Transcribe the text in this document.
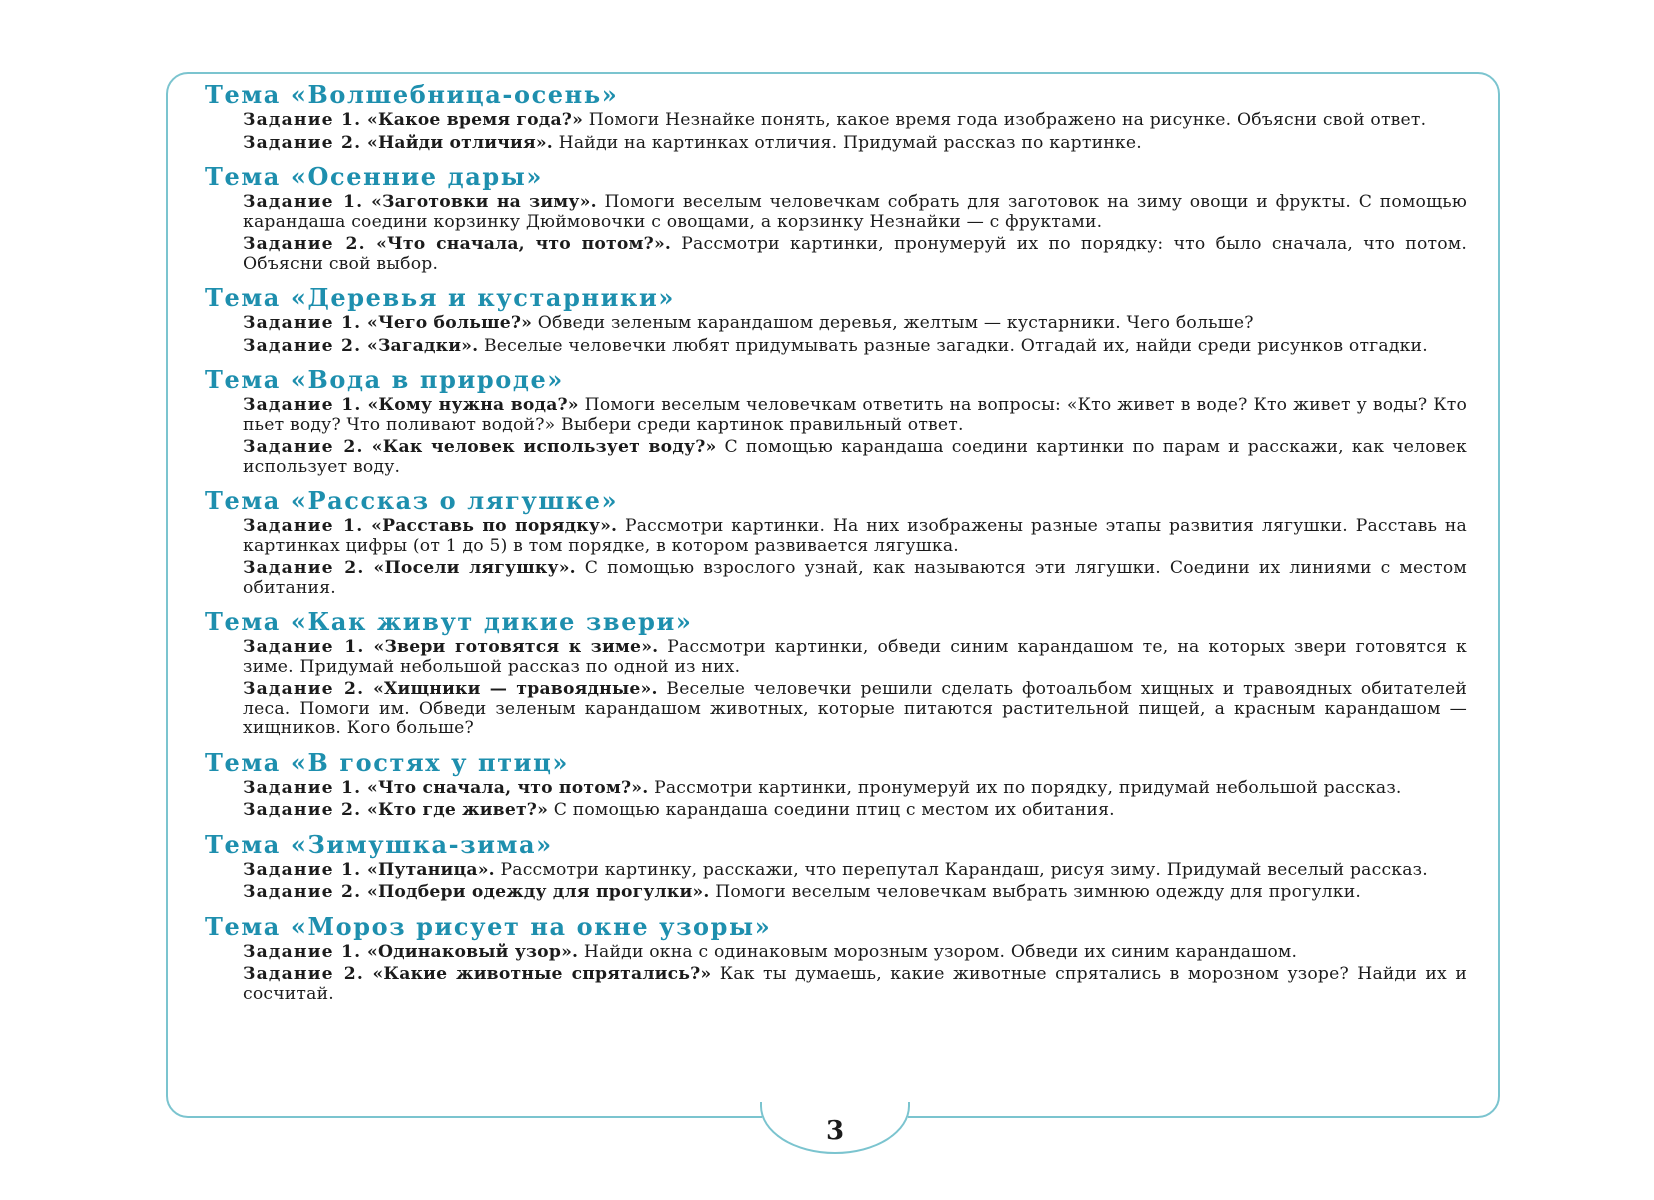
Тема «Волшебница-осень»

Задание 1. «Какое время года?» Помоги Незнайке понять, какое время года изображено на рисунке. Объясни свой ответ.

Задание 2. «Найди отличия». Найди на картинках отличия. Придумай рассказ по картинке.

Тема «Осенние дары»

Задание 1. «Заготовки на зиму». Помоги веселым человечкам собрать для заготовок на зиму овощи и фрукты. С помощью карандаша соедини корзинку Дюймовочки с овощами, а корзинку Незнайки — с фруктами.

Задание 2. «Что сначала, что потом?». Рассмотри картинки, пронумеруй их по порядку: что было сначала, что потом. Объясни свой выбор.

Тема «Деревья и кустарники»

Задание 1. «Чего больше?» Обведи зеленым карандашом деревья, желтым — кустарники. Чего больше?

Задание 2. «Загадки». Веселые человечки любят придумывать разные загадки. Отгадай их, найди среди рисунков отгадки.

Тема «Вода в природе»

Задание 1. «Кому нужна вода?» Помоги веселым человечкам ответить на вопросы: «Кто живет в воде? Кто живет у воды? Кто пьет воду? Что поливают водой?» Выбери среди картинок правильный ответ.

Задание 2. «Как человек использует воду?» С помощью карандаша соедини картинки по парам и расскажи, как человек использует воду.

Тема «Рассказ о лягушке»

Задание 1. «Расставь по порядку». Рассмотри картинки. На них изображены разные этапы развития лягушки. Расставь на картинках цифры (от 1 до 5) в том порядке, в котором развивается лягушка.

Задание 2. «Посели лягушку». С помощью взрослого узнай, как называются эти лягушки. Соедини их линиями с местом обитания.

Тема «Как живут дикие звери»

Задание 1. «Звери готовятся к зиме». Рассмотри картинки, обведи синим карандашом те, на которых звери готовятся к зиме. Придумай небольшой рассказ по одной из них.

Задание 2. «Хищники — травоядные». Веселые человечки решили сделать фотоальбом хищных и травоядных обитателей леса. Помоги им. Обведи зеленым карандашом животных, которые питаются растительной пищей, а красным карандашом — хищников. Кого больше?

Тема «В гостях у птиц»

Задание 1. «Что сначала, что потом?». Рассмотри картинки, пронумеруй их по порядку, придумай небольшой рассказ.

Задание 2. «Кто где живет?» С помощью карандаша соедини птиц с местом их обитания.

Тема «Зимушка-зима»

Задание 1. «Путаница». Рассмотри картинку, расскажи, что перепутал Карандаш, рисуя зиму. Придумай веселый рассказ.

Задание 2. «Подбери одежду для прогулки». Помоги веселым человечкам выбрать зимнюю одежду для прогулки.

Тема «Мороз рисует на окне узоры»

Задание 1. «Одинаковый узор». Найди окна с одинаковым морозным узором. Обведи их синим карандашом.

Задание 2. «Какие животные спрятались?» Как ты думаешь, какие животные спрятались в морозном узоре? Найди их и сосчитай.

3
